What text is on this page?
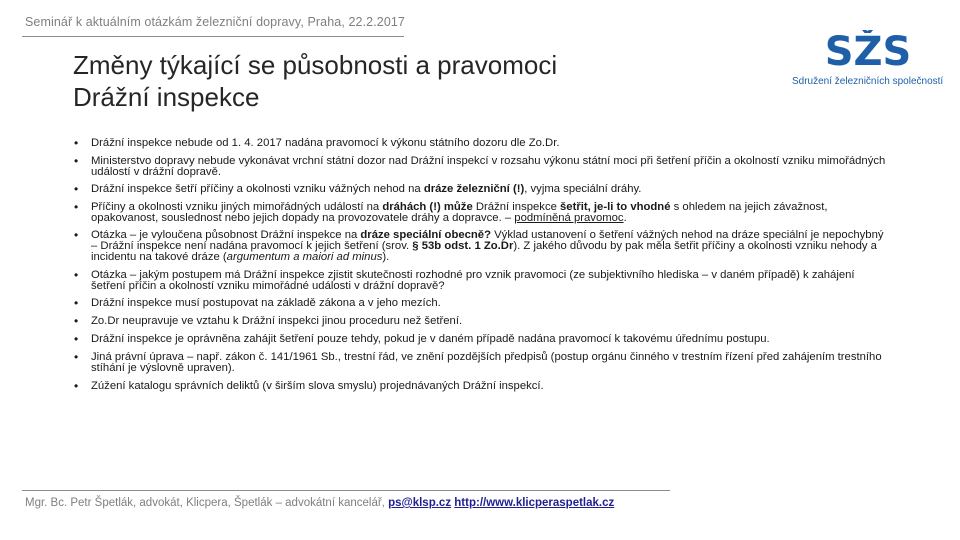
Seminář k aktuálním otázkám železniční dopravy, Praha, 22.2.2017
Změny týkající se působnosti a pravomoci
Drážní inspekce
SŽS
Sdružení železničních společností
• Drážní inspekce nebude od 1. 4. 2017 nadána pravomocí k výkonu státního dozoru dle Zo.Dr.
• Ministerstvo dopravy nebude vykonávat vrchní státní dozor nad Drážní inspekcí v rozsahu výkonu státní moci při šetření příčin a okolností vzniku mimořádných událostí v drážní dopravě.
• Drážní inspekce šetří příčiny a okolnosti vzniku vážných nehod na dráze železniční (!), vyjma speciální dráhy.
• Příčiny a okolnosti vzniku jiných mimořádných událostí na dráhách (!) může Drážní inspekce šetřit, je-li to vhodné s ohledem na jejich závažnost, opakovanost, souslednost nebo jejich dopady na provozovatele dráhy a dopravce. – podmíněná pravomoc.
• Otázka – je vyloučena působnost Drážní inspekce na dráze speciální obecně? Výklad ustanovení o šetření vážných nehod na dráze speciální je nepochybný – Drážní inspekce není nadána pravomocí k jejich šetření (srov. § 53b odst. 1 Zo.Dr). Z jakého důvodu by pak měla šetřit příčiny a okolnosti vzniku nehody a incidentu na takové dráze (argumentum a maiori ad minus).
• Otázka – jakým postupem má Drážní inspekce zjistit skutečnosti rozhodné pro vznik pravomoci (ze subjektivního hlediska – v daném případě) k zahájení šetření příčin a okolností vzniku mimořádné události v drážní dopravě?
• Drážní inspekce musí postupovat na základě zákona a v jeho mezích.
• Zo.Dr neupravuje ve vztahu k Drážní inspekci jinou proceduru než šetření.
• Drážní inspekce je oprávněna zahájit šetření pouze tehdy, pokud je v daném případě nadána pravomocí k takovému úřednímu postupu.
• Jiná právní úprava – např. zákon č. 141/1961 Sb., trestní řád, ve znění pozdějších předpisů (postup orgánu činného v trestním řízení před zahájením trestního stíhání je výslovně upraven).
• Zúžení katalogu správních deliktů (v širším slova smyslu) projednávaných Drážní inspekcí.
Mgr. Bc. Petr Špetlák, advokát, Klicpera, Špetlák – advokátní kancelář, ps@klsp.cz http://www.klicperaspetlak.cz
